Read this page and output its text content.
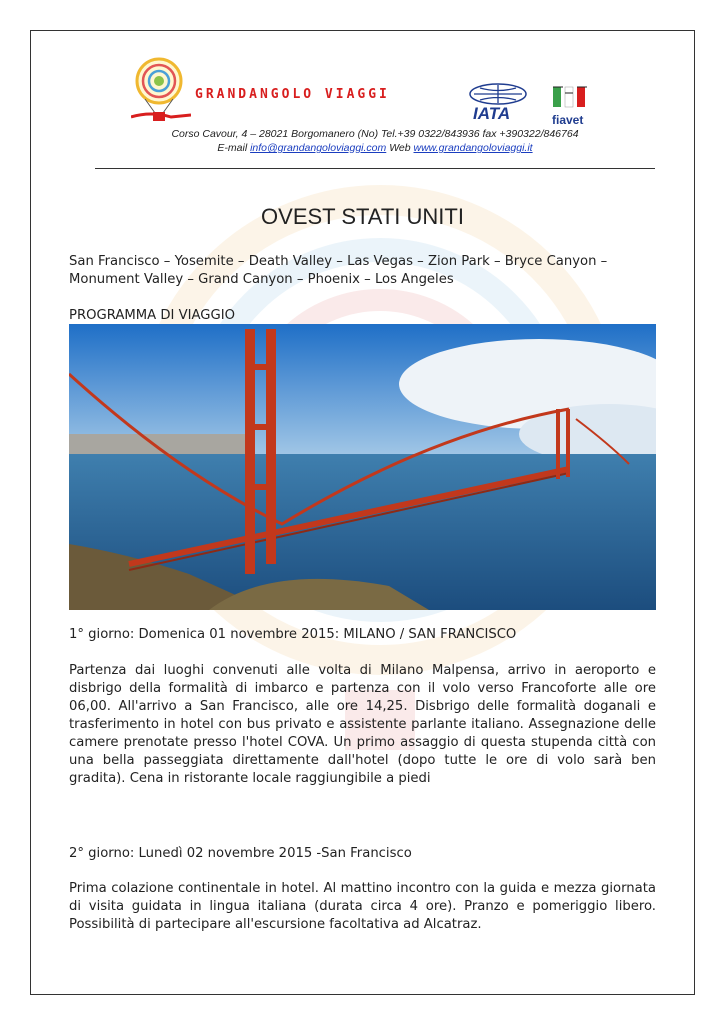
GRANDANGOLO VIAGGI
IATA	fiavet
Corso Cavour, 4 – 28021 Borgomanero (No) Tel.+39 0322/843936 fax +390322/846764
E-mail info@grandangoloviaggi.com Web www.grandangoloviaggi.it
OVEST STATI UNITI
San Francisco – Yosemite – Death Valley – Las Vegas – Zion Park – Bryce Canyon – Monument Valley – Grand Canyon – Phoenix – Los Angeles
PROGRAMMA DI VIAGGIO
1° giorno: Domenica 01 novembre 2015: MILANO / SAN FRANCISCO
Partenza dai luoghi convenuti alle volta di Milano Malpensa, arrivo in aeroporto e disbrigo della formalità di imbarco e partenza con il volo verso Francoforte alle ore 06,00. All'arrivo a San Francisco, alle ore 14,25. Disbrigo delle formalità doganali e trasferimento in hotel con bus privato e assistente parlante italiano. Assegnazione delle camere prenotate presso l'hotel COVA. Un primo assaggio di questa stupenda città con una bella passeggiata direttamente dall'hotel (dopo tutte le ore di volo sarà ben gradita). Cena in ristorante locale raggiungibile a piedi
2° giorno: Lunedì 02 novembre 2015 -San Francisco
Prima colazione continentale in hotel. Al mattino incontro con la guida e mezza giornata di visita guidata in lingua italiana (durata circa 4 ore). Pranzo e pomeriggio libero. Possibilità di partecipare all'escursione facoltativa ad Alcatraz.
